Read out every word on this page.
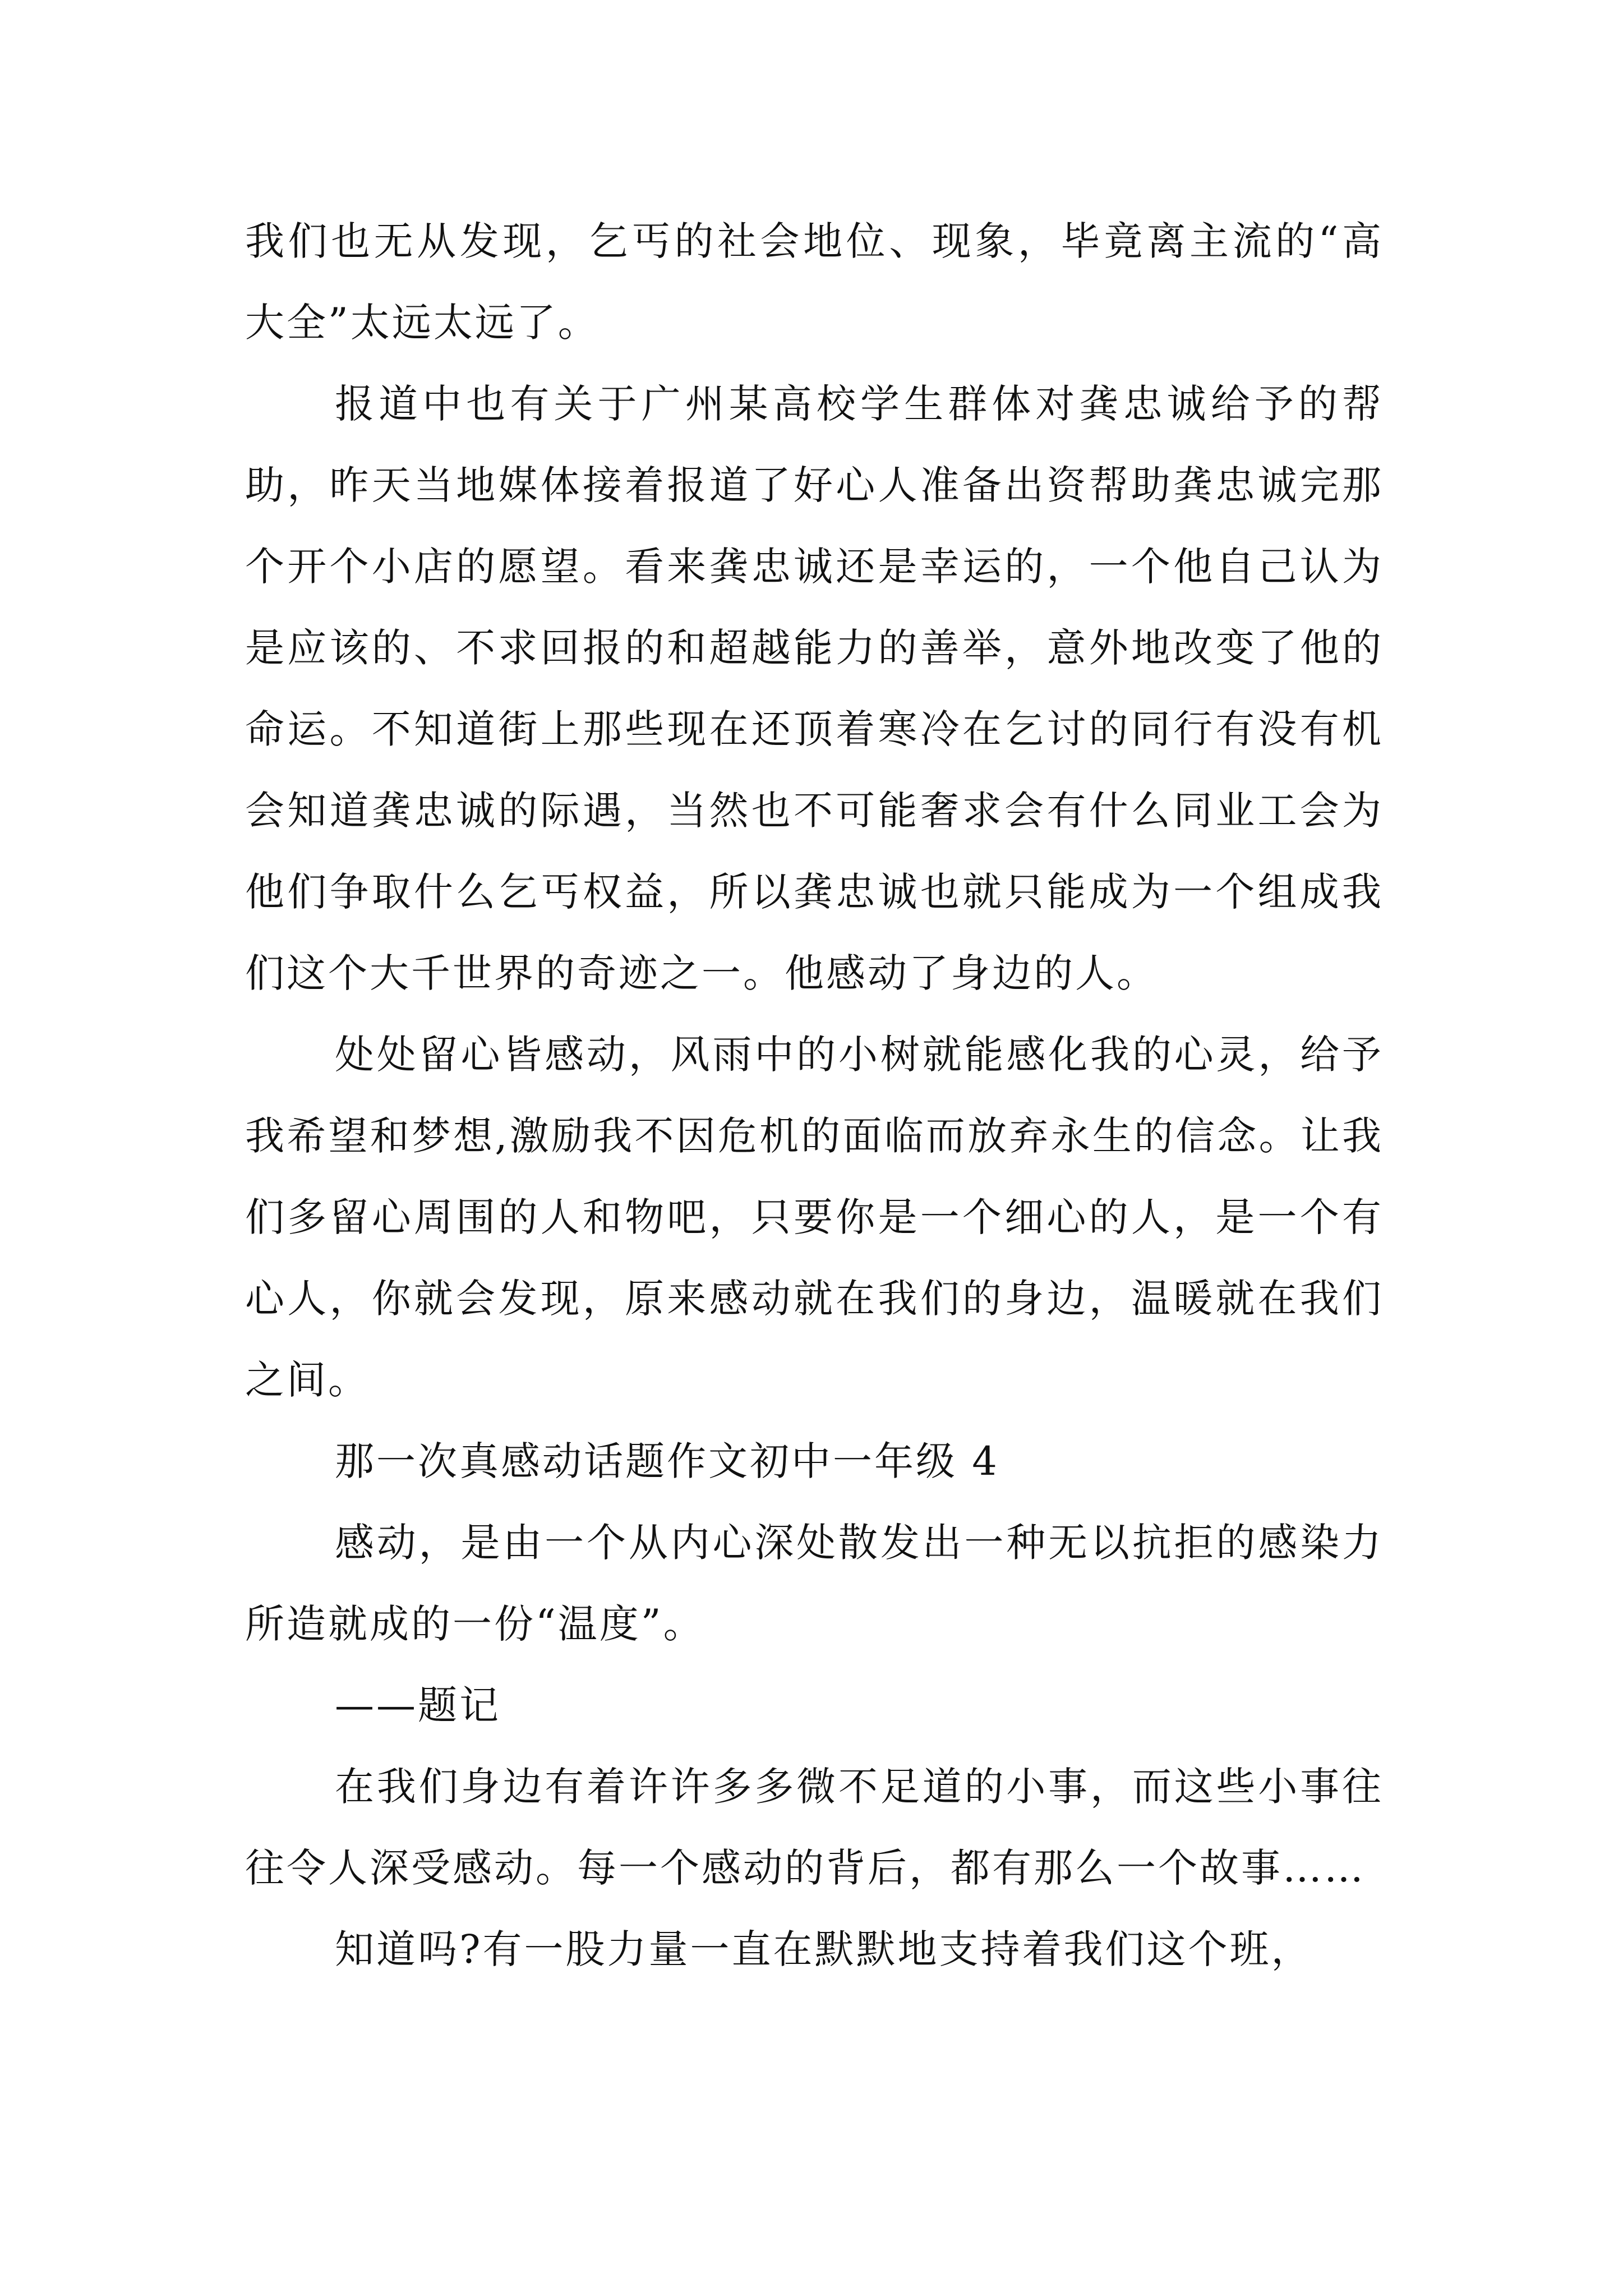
我们也无从发现，乞丐的社会地位、现象，毕竟离主流的“高大全”太远太远了。

报道中也有关于广州某高校学生群体对龚忠诚给予的帮助，昨天当地媒体接着报道了好心人准备出资帮助龚忠诚完那个开个小店的愿望。看来龚忠诚还是幸运的，一个他自己认为是应该的、不求回报的和超越能力的善举，意外地改变了他的命运。不知道街上那些现在还顶着寒冷在乞讨的同行有没有机会知道龚忠诚的际遇，当然也不可能奢求会有什么同业工会为他们争取什么乞丐权益，所以龚忠诚也就只能成为一个组成我们这个大千世界的奇迹之一。他感动了身边的人。

处处留心皆感动，风雨中的小树就能感化我的心灵，给予我希望和梦想,激励我不因危机的面临而放弃永生的信念。让我们多留心周围的人和物吧，只要你是一个细心的人，是一个有心人，你就会发现，原来感动就在我们的身边，温暖就在我们之间。

那一次真感动话题作文初中一年级 4

感动，是由一个从内心深处散发出一种无以抗拒的感染力所造就成的一份“温度”。

——题记

在我们身边有着许许多多微不足道的小事，而这些小事往往令人深受感动。每一个感动的背后，都有那么一个故事……

知道吗?有一股力量一直在默默地支持着我们这个班，
